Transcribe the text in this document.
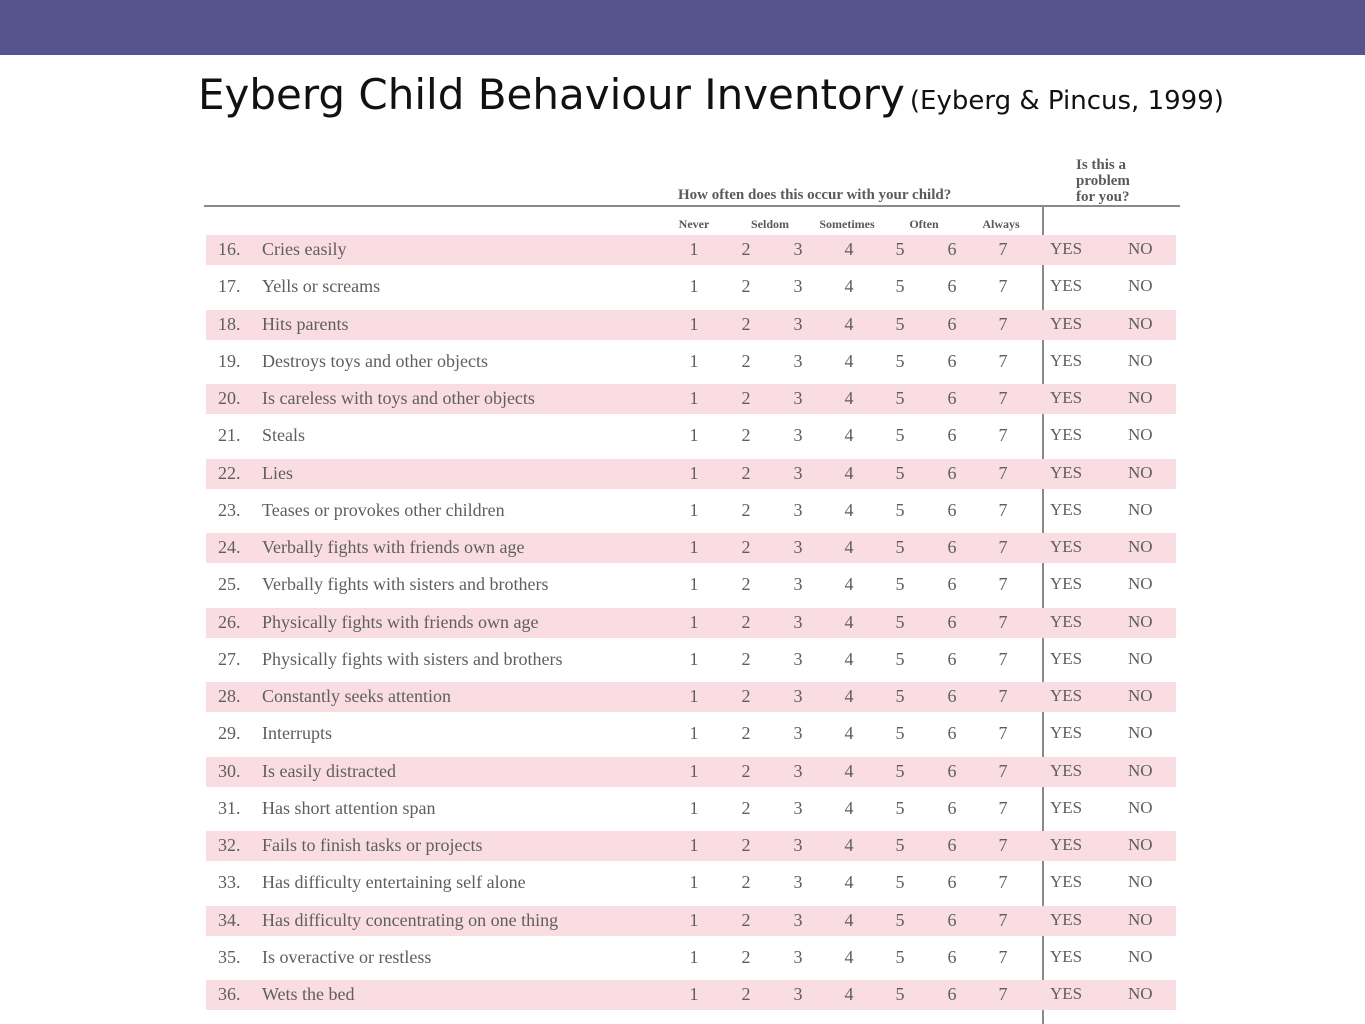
Eyberg Child Behaviour Inventory (Eyberg & Pincus, 1999)
How often does this occur with your child?
Is this a
problem
for you?
Never	Seldom	Sometimes	Often	Always
16. Cries easily	1 2 3 4 5 6 7	YES	NO
17. Yells or screams	1 2 3 4 5 6 7	YES	NO
18. Hits parents	1 2 3 4 5 6 7	YES	NO
19. Destroys toys and other objects	1 2 3 4 5 6 7	YES	NO
20. Is careless with toys and other objects	1 2 3 4 5 6 7	YES	NO
21. Steals	1 2 3 4 5 6 7	YES	NO
22. Lies	1 2 3 4 5 6 7	YES	NO
23. Teases or provokes other children	1 2 3 4 5 6 7	YES	NO
24. Verbally fights with friends own age	1 2 3 4 5 6 7	YES	NO
25. Verbally fights with sisters and brothers	1 2 3 4 5 6 7	YES	NO
26. Physically fights with friends own age	1 2 3 4 5 6 7	YES	NO
27. Physically fights with sisters and brothers	1 2 3 4 5 6 7	YES	NO
28. Constantly seeks attention	1 2 3 4 5 6 7	YES	NO
29. Interrupts	1 2 3 4 5 6 7	YES	NO
30. Is easily distracted	1 2 3 4 5 6 7	YES	NO
31. Has short attention span	1 2 3 4 5 6 7	YES	NO
32. Fails to finish tasks or projects	1 2 3 4 5 6 7	YES	NO
33. Has difficulty entertaining self alone	1 2 3 4 5 6 7	YES	NO
34. Has difficulty concentrating on one thing	1 2 3 4 5 6 7	YES	NO
35. Is overactive or restless	1 2 3 4 5 6 7	YES	NO
36. Wets the bed	1 2 3 4 5 6 7	YES	NO
